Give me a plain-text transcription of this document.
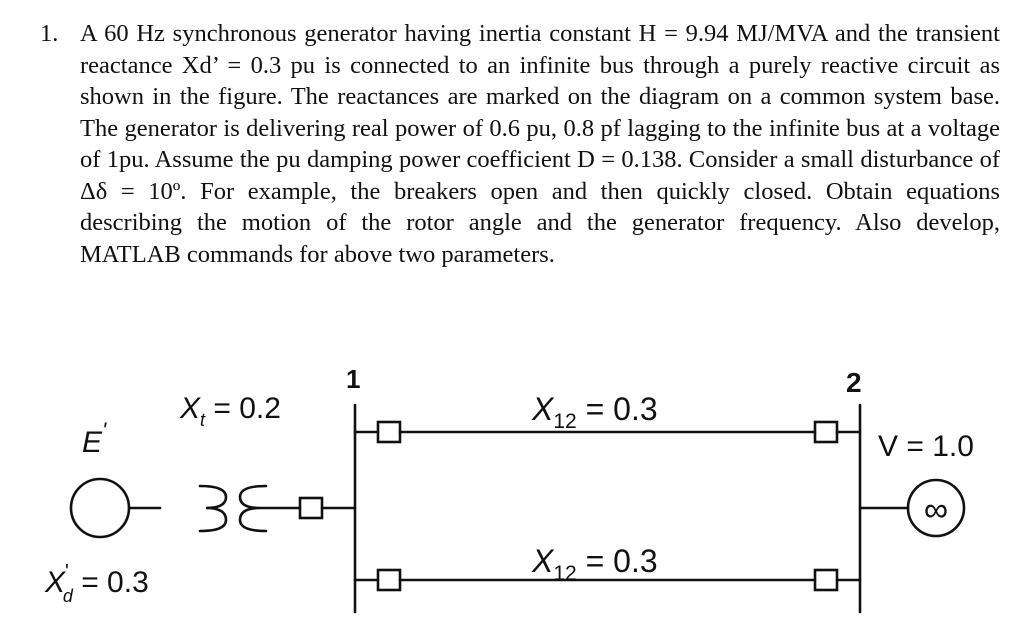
1. A 60 Hz synchronous generator having inertia constant H = 9.94 MJ/MVA and the transient reactance Xd’ = 0.3 pu is connected to an infinite bus through a purely reactive circuit as shown in the figure. The reactances are marked on the diagram on a common system base. The generator is delivering real power of 0.6 pu, 0.8 pf lagging to the infinite bus at a voltage of 1pu. Assume the pu damping power coefficient D = 0.138. Consider a small disturbance of Δδ = 10º. For example, the breakers open and then quickly closed. Obtain equations describing the motion of the rotor angle and the generator frequency. Also develop, MATLAB commands for above two parameters.
∞
E'
X' d = 0.3
$X_t = 0.2$
1	2
$X_{12} = 0.3$
$X_{12} = 0.3$
V = 1.0
